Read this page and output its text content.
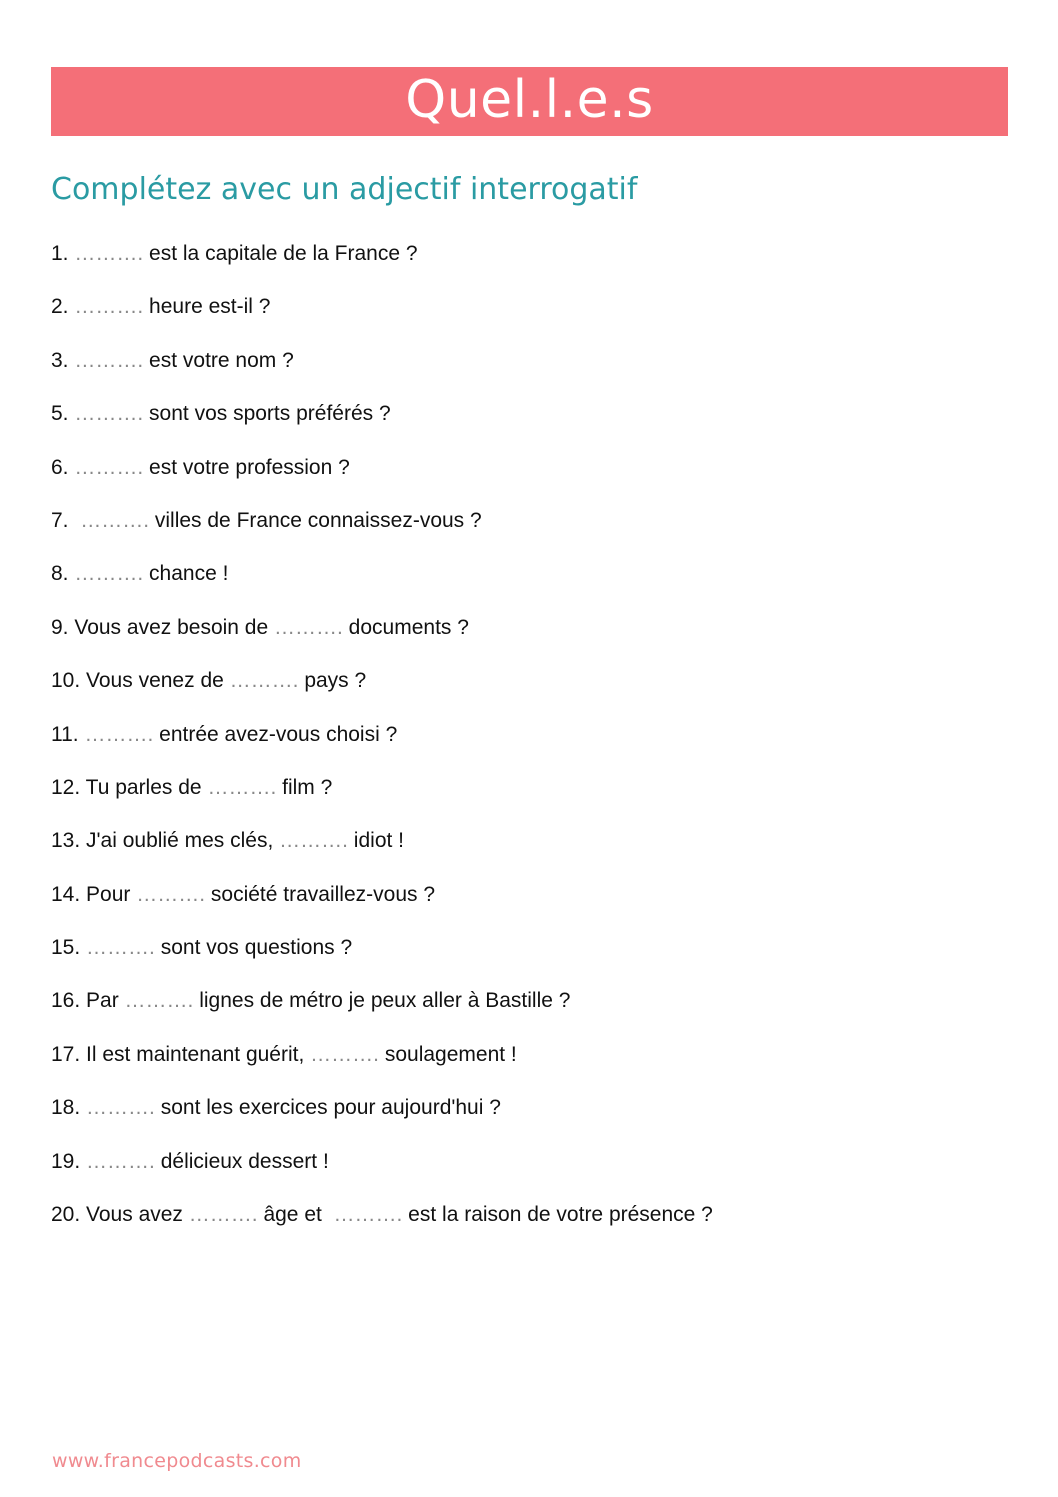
Quel.l.e.s
Complétez avec un adjectif interrogatif
1. ………. est la capitale de la France ?
2. ………. heure est-il ?
3. ………. est votre nom ?
5. ………. sont vos sports préférés ?
6. ………. est votre profession ?
7.  ………. villes de France connaissez-vous ?
8. ………. chance !
9. Vous avez besoin de ………. documents ?
10. Vous venez de ………. pays ?
11. ………. entrée avez-vous choisi ?
12. Tu parles de ………. film ?
13. J'ai oublié mes clés, ………. idiot !
14. Pour ………. société travaillez-vous ?
15. ………. sont vos questions ?
16. Par ………. lignes de métro je peux aller à Bastille ?
17. Il est maintenant guérit, ………. soulagement !
18. ………. sont les exercices pour aujourd'hui ?
19. ………. délicieux dessert !
20. Vous avez ………. âge et  ………. est la raison de votre présence ?
www.francepodcasts.com
